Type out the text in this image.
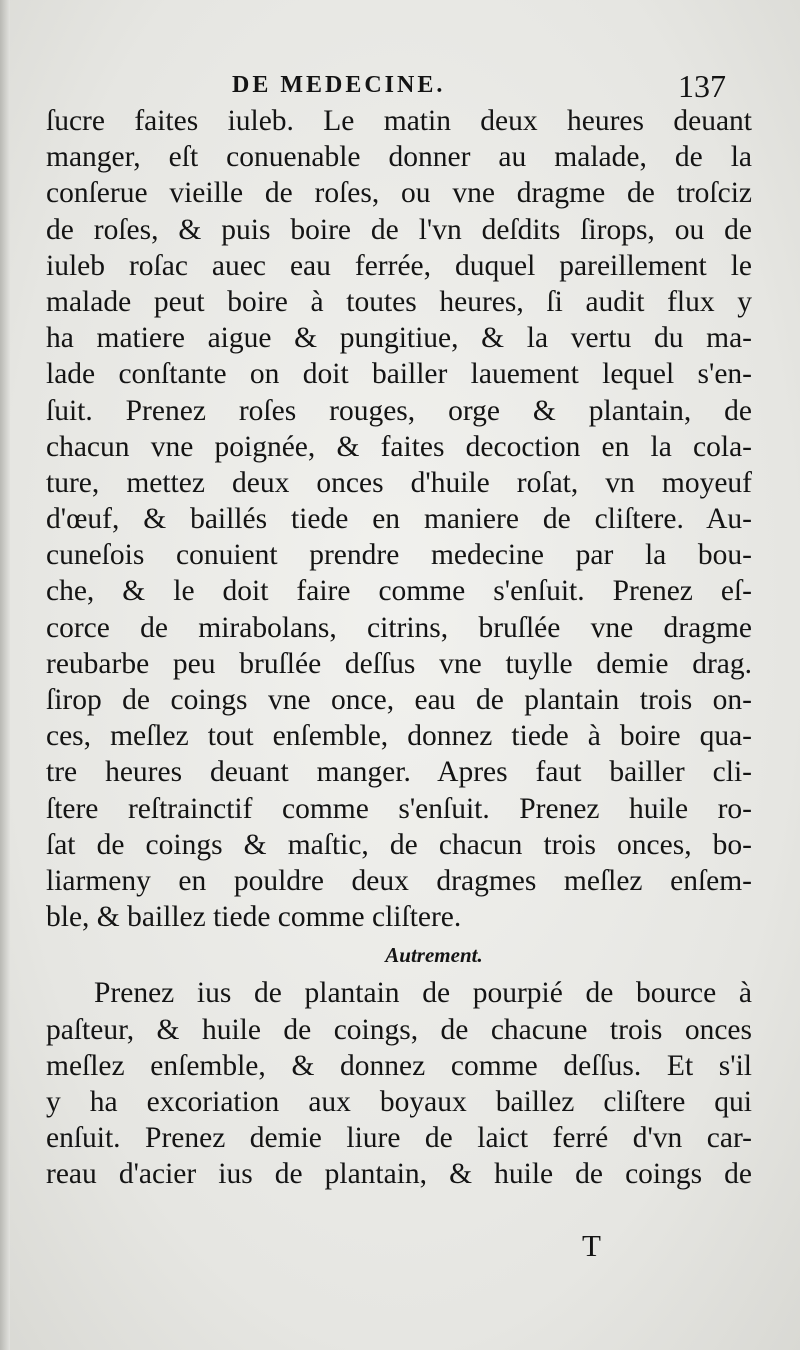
DE MEDECINE.	137
ſucre faites iuleb. Le matin deux heures deuant
manger, eſt conuenable donner au malade, de la
conſerue vieille de roſes, ou vne dragme de troſciz
de roſes, & puis boire de l'vn deſdits ſirops, ou de
iuleb roſac auec eau ferrée, duquel pareillement le
malade peut boire à toutes heures, ſi audit flux y
ha matiere aigue & pungitiue, & la vertu du ma-
lade conſtante on doit bailler lauement lequel s'en-
ſuit. Prenez roſes rouges, orge & plantain, de
chacun vne poignée, & faites decoction en la cola-
ture, mettez deux onces d'huile roſat, vn moyeuf
d'œuf, & baillés tiede en maniere de cliſtere. Au-
cuneſois conuient prendre medecine par la bou-
che, & le doit faire comme s'enſuit. Prenez eſ-
corce de mirabolans, citrins, bruſlée vne dragme
reubarbe peu bruſlée deſſus vne tuylle demie drag.
ſirop de coings vne once, eau de plantain trois on-
ces, meſlez tout enſemble, donnez tiede à boire qua-
tre heures deuant manger. Apres faut bailler cli-
ſtere reſtrainctif comme s'enſuit. Prenez huile ro-
ſat de coings & maſtic, de chacun trois onces, bo-
liarmeny en pouldre deux dragmes meſlez enſem-
ble, & baillez tiede comme cliſtere.
Autrement.
Prenez ius de plantain de pourpié de bource à
paſteur, & huile de coings, de chacune trois onces
meſlez enſemble, & donnez comme deſſus. Et s'il
y ha excoriation aux boyaux baillez cliſtere qui
enſuit. Prenez demie liure de laict ferré d'vn car-
reau d'acier ius de plantain, & huile de coings de
T
